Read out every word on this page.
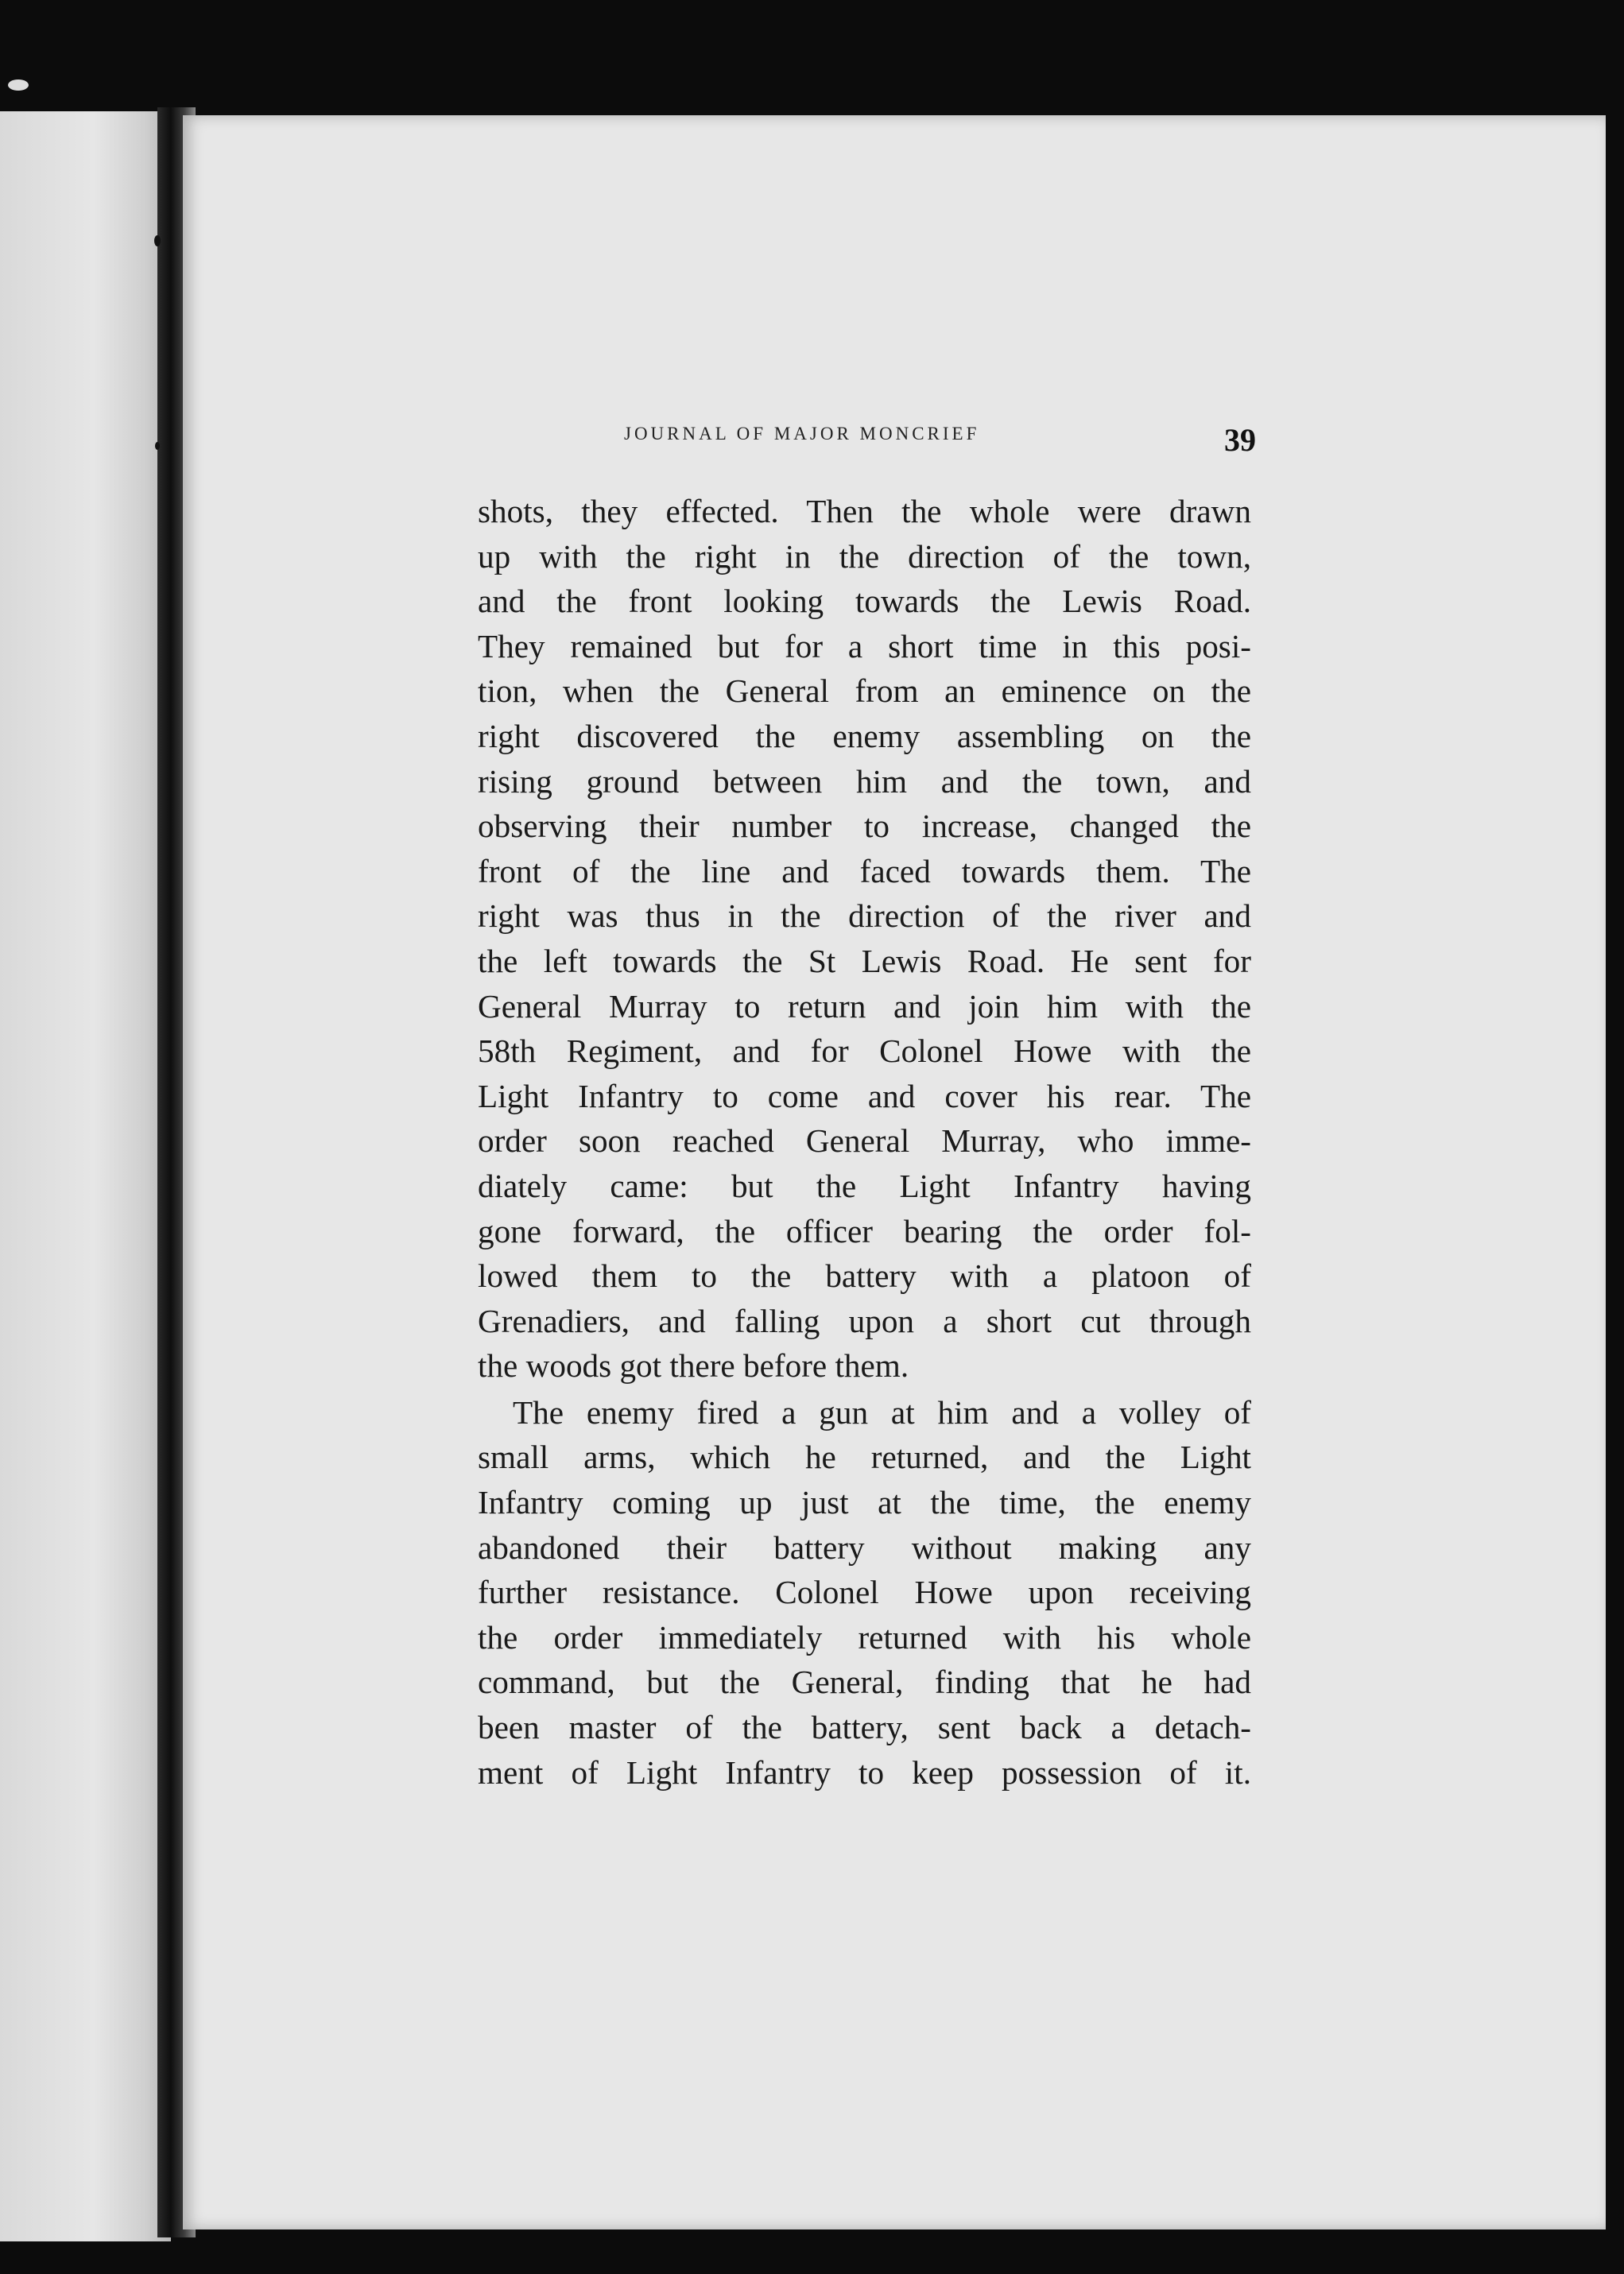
JOURNAL OF MAJOR MONCRIEF	39
shots, they effected. Then the whole were drawn
up with the right in the direction of the town,
and the front looking towards the Lewis Road.
They remained but for a short time in this posi-
tion, when the General from an eminence on the
right discovered the enemy assembling on the
rising ground between him and the town, and
observing their number to increase, changed the
front of the line and faced towards them. The
right was thus in the direction of the river and
the left towards the St Lewis Road. He sent for
General Murray to return and join him with the
58th Regiment, and for Colonel Howe with the
Light Infantry to come and cover his rear. The
order soon reached General Murray, who imme-
diately came: but the Light Infantry having
gone forward, the officer bearing the order fol-
lowed them to the battery with a platoon of
Grenadiers, and falling upon a short cut through
the woods got there before them.
The enemy fired a gun at him and a volley of
small arms, which he returned, and the Light
Infantry coming up just at the time, the enemy
abandoned their battery without making any
further resistance. Colonel Howe upon receiving
the order immediately returned with his whole
command, but the General, finding that he had
been master of the battery, sent back a detach-
ment of Light Infantry to keep possession of it.
